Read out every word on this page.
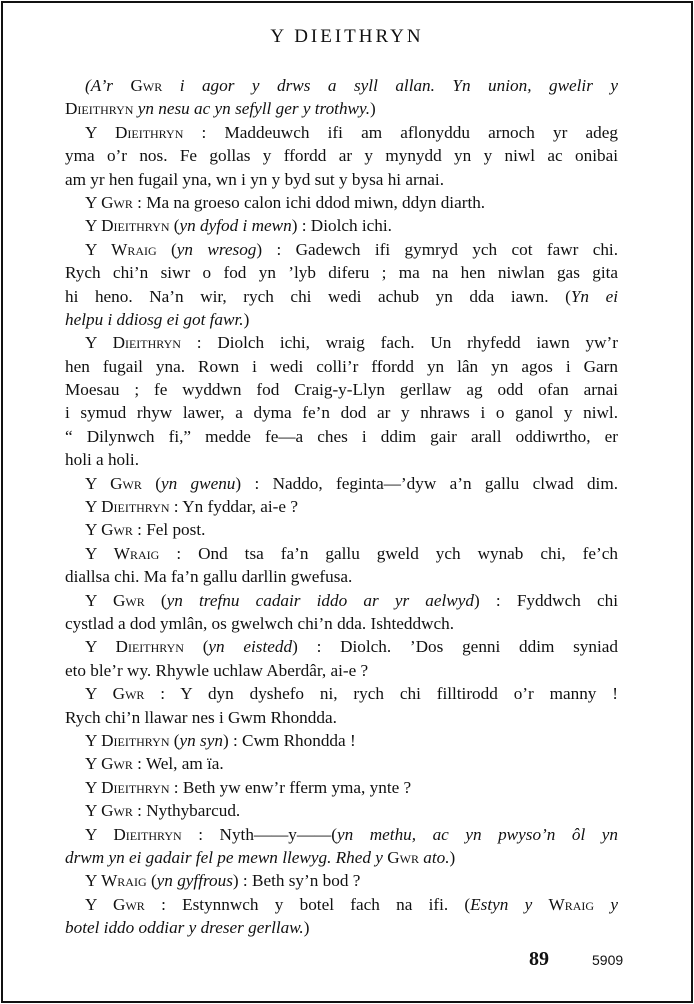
Y DIEITHRYN
(A’r Gwr i agor y drws a syll allan. Yn union, gwelir y
Dieithryn yn nesu ac yn sefyll ger y trothwy.)
Y Dieithryn : Maddeuwch ifi am aflonyddu arnoch yr adeg
yma o’r nos. Fe gollas y ffordd ar y mynydd yn y niwl ac onibai
am yr hen fugail yna, wn i yn y byd sut y bysa hi arnai.
Y Gwr : Ma na groeso calon ichi ddod miwn, ddyn diarth.
Y Dieithryn (yn dyfod i mewn) : Diolch ichi.
Y Wraig (yn wresog) : Gadewch ifi gymryd ych cot fawr chi.
Rych chi’n siwr o fod yn ’lyb diferu ; ma na hen niwlan gas gita
hi heno. Na’n wir, rych chi wedi achub yn dda iawn. (Yn ei
helpu i ddiosg ei got fawr.)
Y Dieithryn : Diolch ichi, wraig fach. Un rhyfedd iawn yw’r
hen fugail yna. Rown i wedi colli’r ffordd yn lân yn agos i Garn
Moesau ; fe wyddwn fod Craig-y-Llyn gerllaw ag odd ofan arnai
i symud rhyw lawer, a dyma fe’n dod ar y nhraws i o ganol y niwl.
“ Dilynwch fi,” medde fe—a ches i ddim gair arall oddiwrtho, er
holi a holi.
Y Gwr (yn gwenu) : Naddo, feginta—’dyw a’n gallu clwad dim.
Y Dieithryn : Yn fyddar, ai-e ?
Y Gwr : Fel post.
Y Wraig : Ond tsa fa’n gallu gweld ych wynab chi, fe’ch
diallsa chi. Ma fa’n gallu darllin gwefusa.
Y Gwr (yn trefnu cadair iddo ar yr aelwyd) : Fyddwch chi
cystlad a dod ymlân, os gwelwch chi’n dda. Ishteddwch.
Y Dieithryn (yn eistedd) : Diolch. ’Dos genni ddim syniad
eto ble’r wy. Rhywle uchlaw Aberdâr, ai-e ?
Y Gwr : Y dyn dyshefo ni, rych chi filltirodd o’r manny !
Rych chi’n llawar nes i Gwm Rhondda.
Y Dieithryn (yn syn) : Cwm Rhondda !
Y Gwr : Wel, am ïa.
Y Dieithryn : Beth yw enw’r fferm yma, ynte ?
Y Gwr : Nythybarcud.
Y Dieithryn : Nyth——y——(yn methu, ac yn pwyso’n ôl yn
drwm yn ei gadair fel pe mewn llewyg. Rhed y Gwr ato.)
Y Wraig (yn gyffrous) : Beth sy’n bod ?
Y Gwr : Estynnwch y botel fach na ifi. (Estyn y Wraig y
botel iddo oddiar y dreser gerllaw.)
89	5909
